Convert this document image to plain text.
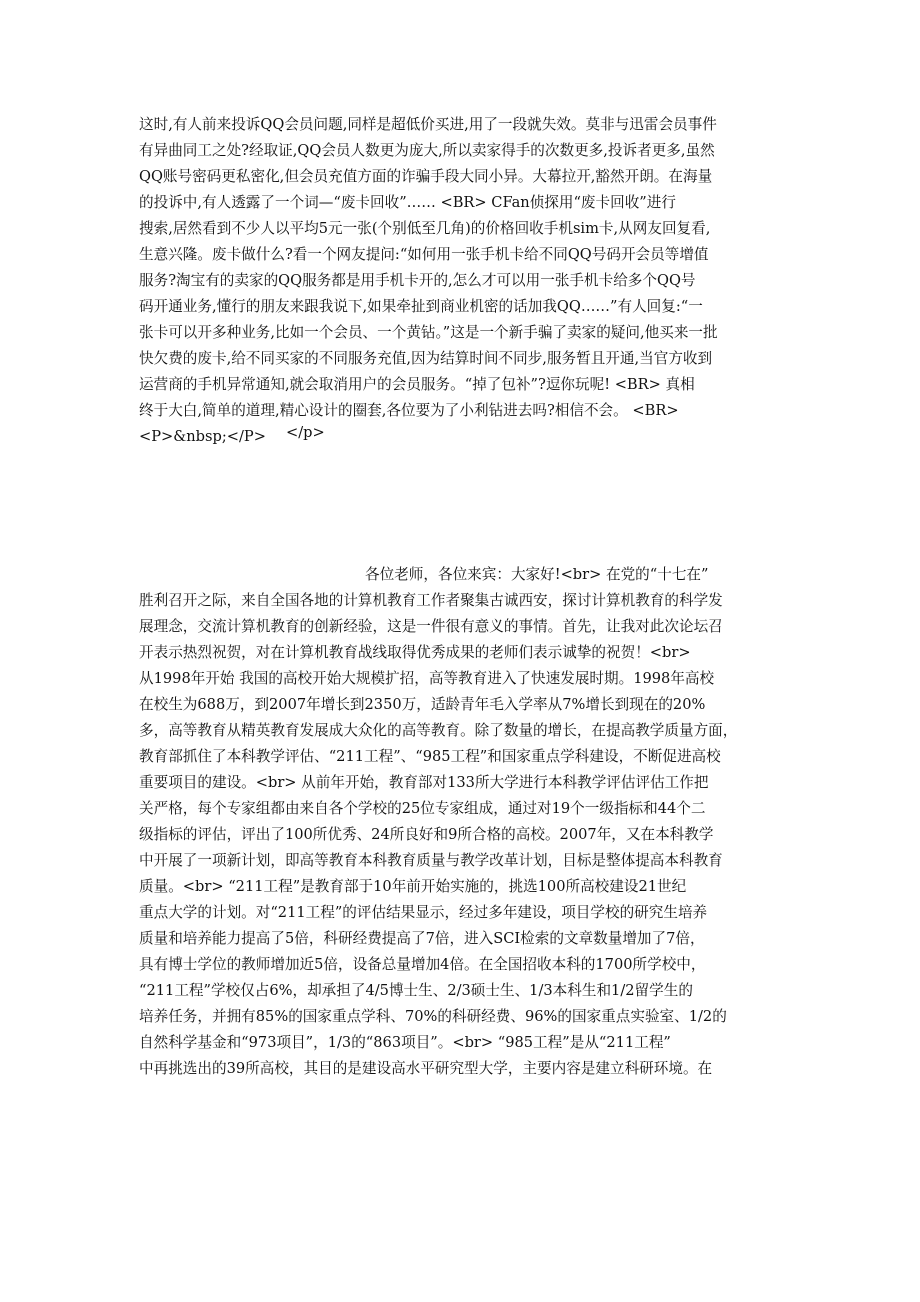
这时,有人前来投诉QQ会员问题,同样是超低价买进,用了一段就失效。莫非与迅雷会员事件
有异曲同工之处?经取证,QQ会员人数更为庞大,所以卖家得手的次数更多,投诉者更多,虽然
QQ账号密码更私密化,但会员充值方面的诈骗手段大同小异。大幕拉开,豁然开朗。在海量
的投诉中,有人透露了一个词—“废卡回收”…… <BR> CFan侦探用“废卡回收”进行
搜索,居然看到不少人以平均5元一张(个别低至几角)的价格回收手机sim卡,从网友回复看,
生意兴隆。废卡做什么?看一个网友提问:“如何用一张手机卡给不同QQ号码开会员等增值
服务?淘宝有的卖家的QQ服务都是用手机卡开的,怎么才可以用一张手机卡给多个QQ号
码开通业务,懂行的朋友来跟我说下,如果牵扯到商业机密的话加我QQ……”有人回复:“一
张卡可以开多种业务,比如一个会员、一个黄钻。”这是一个新手骗了卖家的疑问,他买来一批
快欠费的废卡,给不同买家的不同服务充值,因为结算时间不同步,服务暂且开通,当官方收到
运营商的手机异常通知,就会取消用户的会员服务。“掉了包补”?逗你玩呢! <BR> 真相
终于大白,简单的道理,精心设计的圈套,各位要为了小利钻进去吗?相信不会。 <BR>
<P>&nbsp;</P>	</p>
各位老师，各位来宾：大家好!<br> 在党的“十七在”
胜利召开之际，来自全国各地的计算机教育工作者聚集古诚西安，探讨计算机教育的科学发
展理念，交流计算机教育的创新经验，这是一件很有意义的事情。首先，让我对此次论坛召
开表示热烈祝贺，对在计算机教育战线取得优秀成果的老师们表示诚挚的祝贺！<br>
从1998年开始 我国的高校开始大规模扩招，高等教育进入了快速发展时期。1998年高校
在校生为688万，到2007年增长到2350万，适龄青年毛入学率从7%增长到现在的20%
多，高等教育从精英教育发展成大众化的高等教育。除了数量的增长，在提高教学质量方面，
教育部抓住了本科教学评估、“211工程”、“985工程”和国家重点学科建设，不断促进高校
重要项目的建设。<br> 从前年开始，教育部对133所大学进行本科教学评估评估工作把
关严格，每个专家组都由来自各个学校的25位专家组成，通过对19个一级指标和44个二
级指标的评估，评出了100所优秀、24所良好和9所合格的高校。2007年，又在本科教学
中开展了一项新计划，即高等教育本科教育质量与教学改革计划，目标是整体提高本科教育
质量。<br> “211工程”是教育部于10年前开始实施的，挑选100所高校建设21世纪
重点大学的计划。对“211工程”的评估结果显示，经过多年建设，项目学校的研究生培养
质量和培养能力提高了5倍，科研经费提高了7倍，进入SCI检索的文章数量增加了7倍，
具有博士学位的教师增加近5倍，设备总量增加4倍。在全国招收本科的1700所学校中，
“211工程”学校仅占6%，却承担了4/5博士生、2/3硕士生、1/3本科生和1/2留学生的
培养任务，并拥有85%的国家重点学科、70%的科研经费、96%的国家重点实验室、1/2的
自然科学基金和“973项目”，1/3的“863项目”。<br> “985工程”是从“211工程”
中再挑选出的39所高校，其目的是建设高水平研究型大学，主要内容是建立科研环境。在
